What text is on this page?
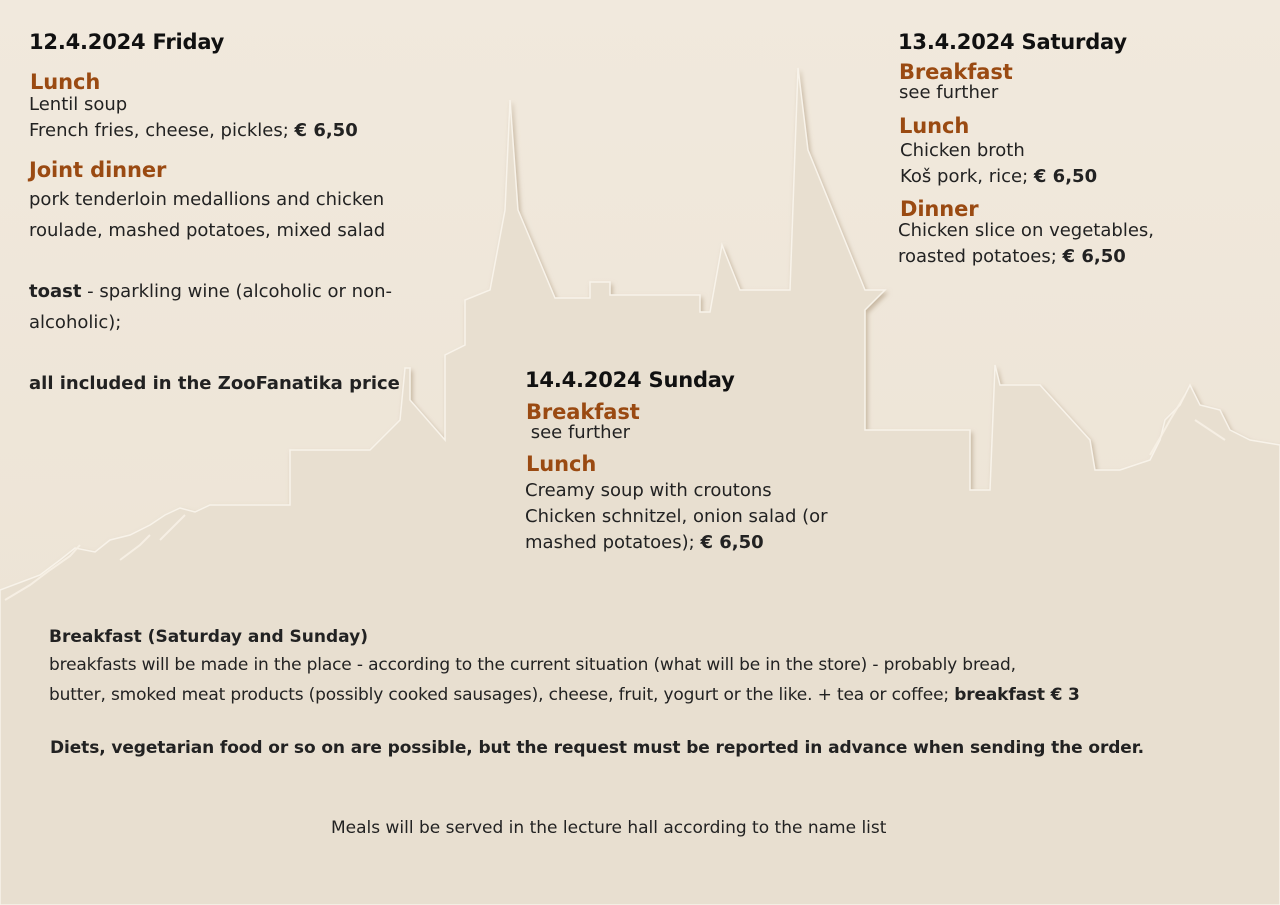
12.4.2024 Friday
Lunch

Lentil soup

French fries, cheese, pickles; € 6,50

Joint dinner

pork tenderloin medallions and chicken

roulade, mashed potatoes, mixed salad

toast - sparkling wine (alcoholic or non-

alcoholic);

all included in the ZooFanatika price

13.4.2024 Saturday
Breakfast

see further

Lunch

Chicken broth

Koš pork, rice; € 6,50

Dinner

Chicken slice on vegetables,

roasted potatoes; € 6,50

14.4.2024 Sunday
Breakfast

see further

Lunch

Creamy soup with croutons

Chicken schnitzel, onion salad (or

mashed potatoes); € 6,50

Breakfast (Saturday and Sunday)

breakfasts will be made in the place - according to the current situation (what will be in the store) - probably bread,

butter, smoked meat products (possibly cooked sausages), cheese, fruit, yogurt or the like. + tea or coffee; breakfast € 3

Diets, vegetarian food or so on are possible, but the request must be reported in advance when sending the order.

Meals will be served in the lecture hall according to the name list
